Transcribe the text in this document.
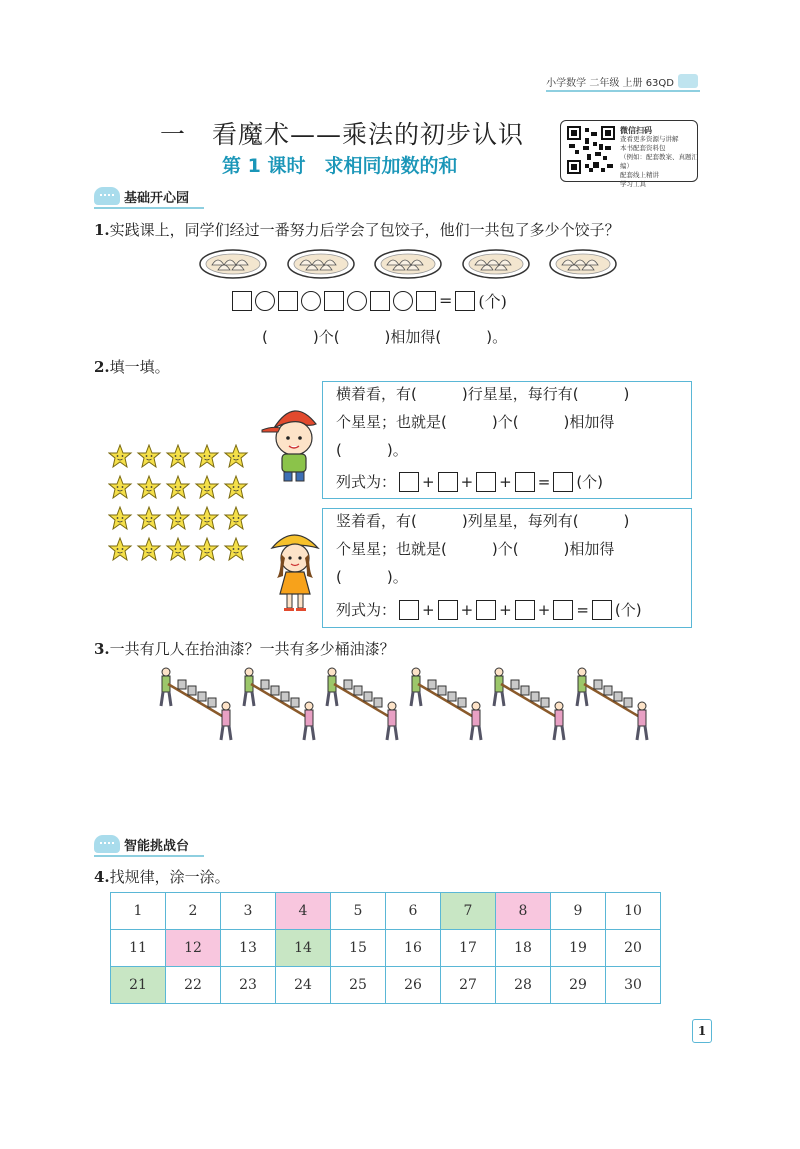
小学数学 二年级 上册 63QD
一　看魔术——乘法的初步认识
第 1 课时　求相同加数的和
微信扫码
查看更多资源与讲解
本书配套资料包
（例如：配套教案、真题汇编）
配套线上精讲
学习工具
基础开心园
1.实践课上，同学们经过一番努力后学会了包饺子，他们一共包了多少个饺子？
= (个)
(　　　)个(　　　)相加得(　　　)。
2.填一填。
横着看，有(　　　)行星星，每行有(　　　)
个星星；也就是(　　　)个(　　　)相加得
(　　　)。
列式为： + + + = (个)
竖着看，有(　　　)列星星，每列有(　　　)
个星星；也就是(　　　)个(　　　)相加得
(　　　)。
列式为： + + + + = (个)
3.一共有几人在抬油漆？一共有多少桶油漆？
智能挑战台
4.找规律，涂一涂。
1	2	3	4	5	6	7	8	9	10
11	12	13	14	15	16	17	18	19	20
21	22	23	24	25	26	27	28	29	30
1
